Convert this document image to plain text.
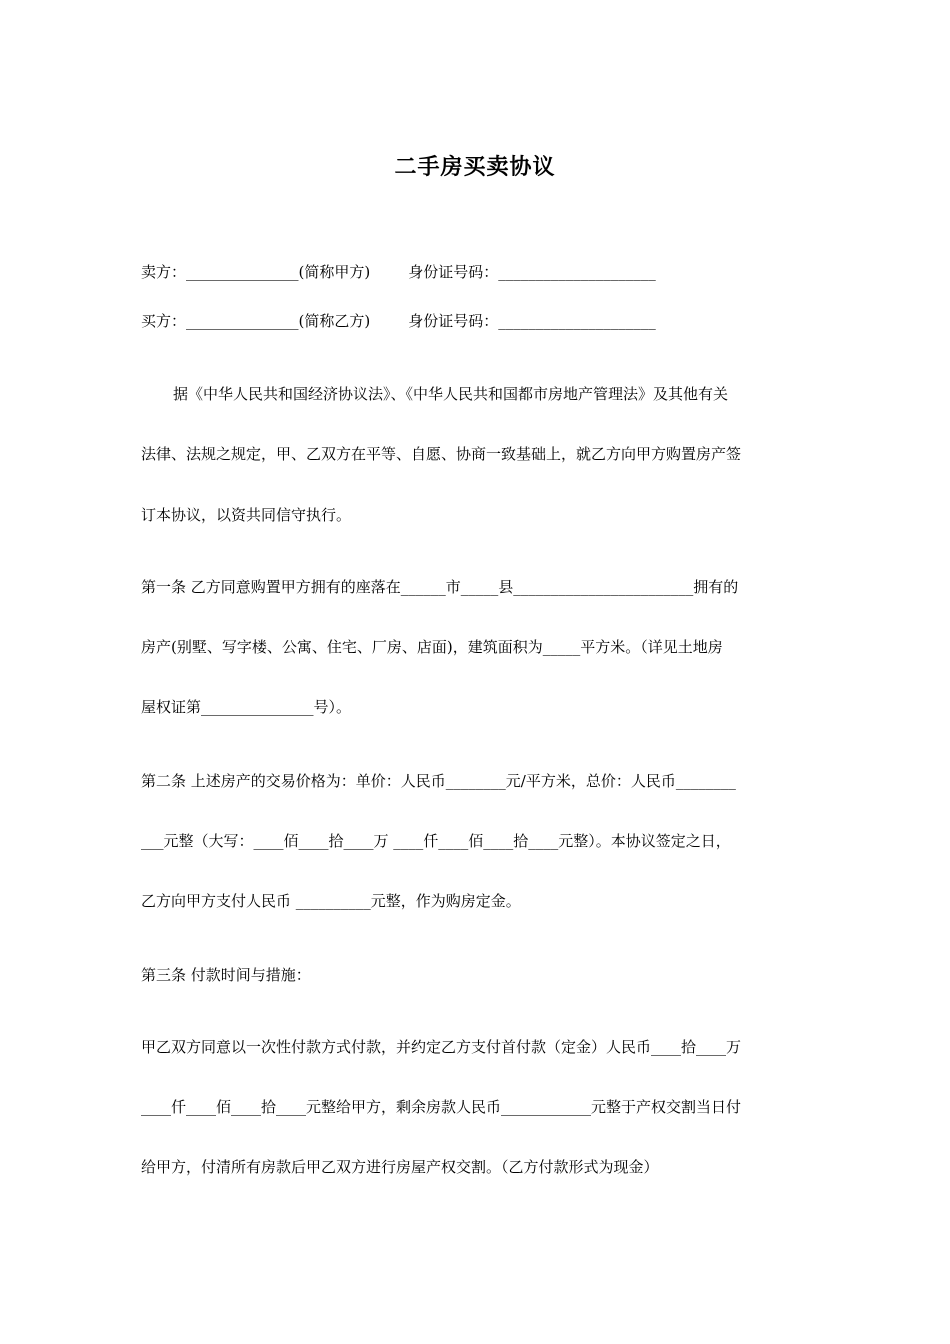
二手房买卖协议
卖方：_______________(简称甲方)	身份证号码：_____________________
买方：_______________(简称乙方)	身份证号码：_____________________
据《中华人民共和国经济协议法》、《中华人民共和国都市房地产管理法》及其他有关
法律、法规之规定，甲、乙双方在平等、自愿、协商一致基础上，就乙方向甲方购置房产签
订本协议，以资共同信守执行。
第一条 乙方同意购置甲方拥有的座落在______市_____县________________________拥有的
房产(别墅、写字楼、公寓、住宅、厂房、店面)，建筑面积为_____平方米。（详见土地房
屋权证第_______________号）。
第二条 上述房产的交易价格为：单价：人民币________元/平方米，总价：人民币________
___元整（大写：____佰____拾____万 ____仟____佰____拾____元整）。本协议签定之日，
乙方向甲方支付人民币 __________元整，作为购房定金。
第三条 付款时间与措施：
甲乙双方同意以一次性付款方式付款，并约定乙方支付首付款（定金）人民币____拾____万
____仟____佰____拾____元整给甲方，剩余房款人民币____________元整于产权交割当日付
给甲方，付清所有房款后甲乙双方进行房屋产权交割。（乙方付款形式为现金）
